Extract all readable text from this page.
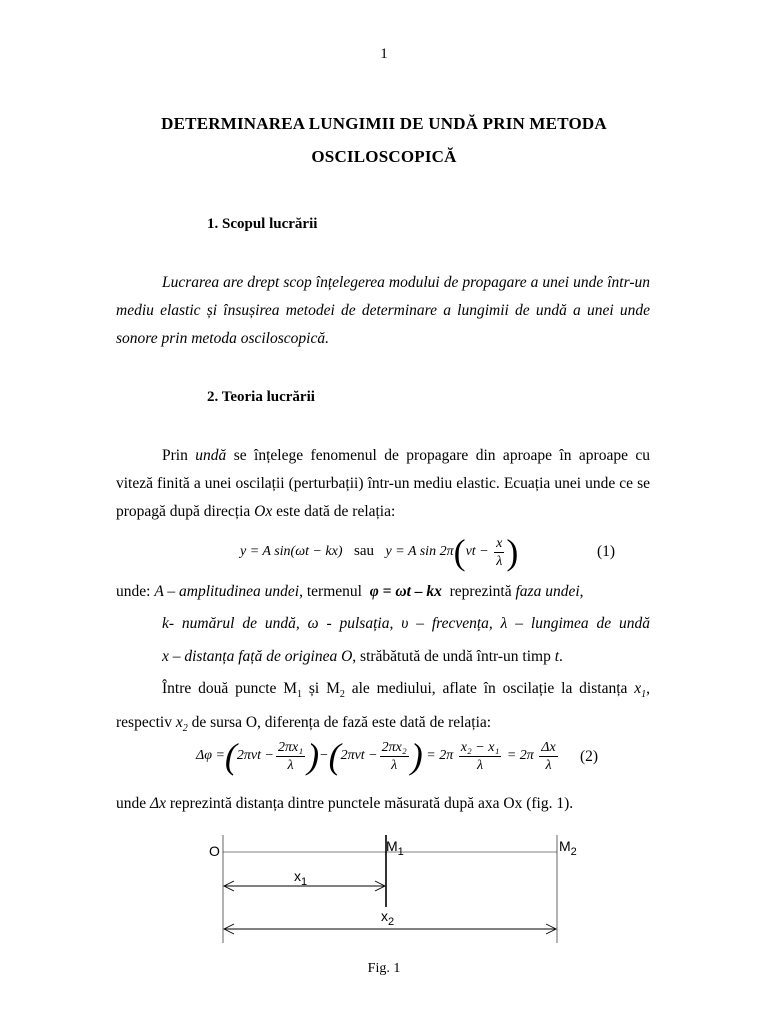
1
DETERMINAREA LUNGIMII DE UNDĂ PRIN METODA
OSCILOSCOPICĂ
1. Scopul lucrării
Lucrarea are drept scop înțelegerea modului de propagare a unei unde într-un mediu elastic și însușirea metodei de determinare a lungimii de undă a unei unde sonore prin metoda osciloscopică.
2. Teoria lucrării
Prin undă se înțelege fenomenul de propagare din aproape în aproape cu viteză finită a unei oscilații (perturbații) într-un mediu elastic. Ecuația unei unde ce se propagă după direcția Ox este dată de relația:
y = A sin(ωt − kx) sau y = A $\sin 2\pi(vt - \frac{x}{\lambda}$ )	(1)
unde: A – amplitudinea undei, termenul φ = ωt – kx reprezintă faza undei,
k- numărul de undă, ω - pulsația, υ – frecvența, λ – lungimea de undă
x – distanța față de originea O, străbătută de undă într-un timp t.
Între două puncte $M_1$ și $M_2$ ale mediului, aflate în oscilație la distanța $x_1$, respectiv $x_2$ de sursa O, diferența de fază este dată de relația:
$\Delta\varphi =(2\pi vt - \frac{\text{2πx₁}}{\lambda} )-(2\pi vt - \frac{\text{2πx₂}}{\lambda}$ ) = $2\pi \frac{\text{x₂ − x₁}}{\lambda} = 2\pi \frac{\Delta x}{\lambda} (2)$
unde Δx reprezintă distanța dintre punctele măsurată după axa Ox (fig. 1).
O	$M_1$	$M_2$
$x_1$
$x_2$
Fig. 1
